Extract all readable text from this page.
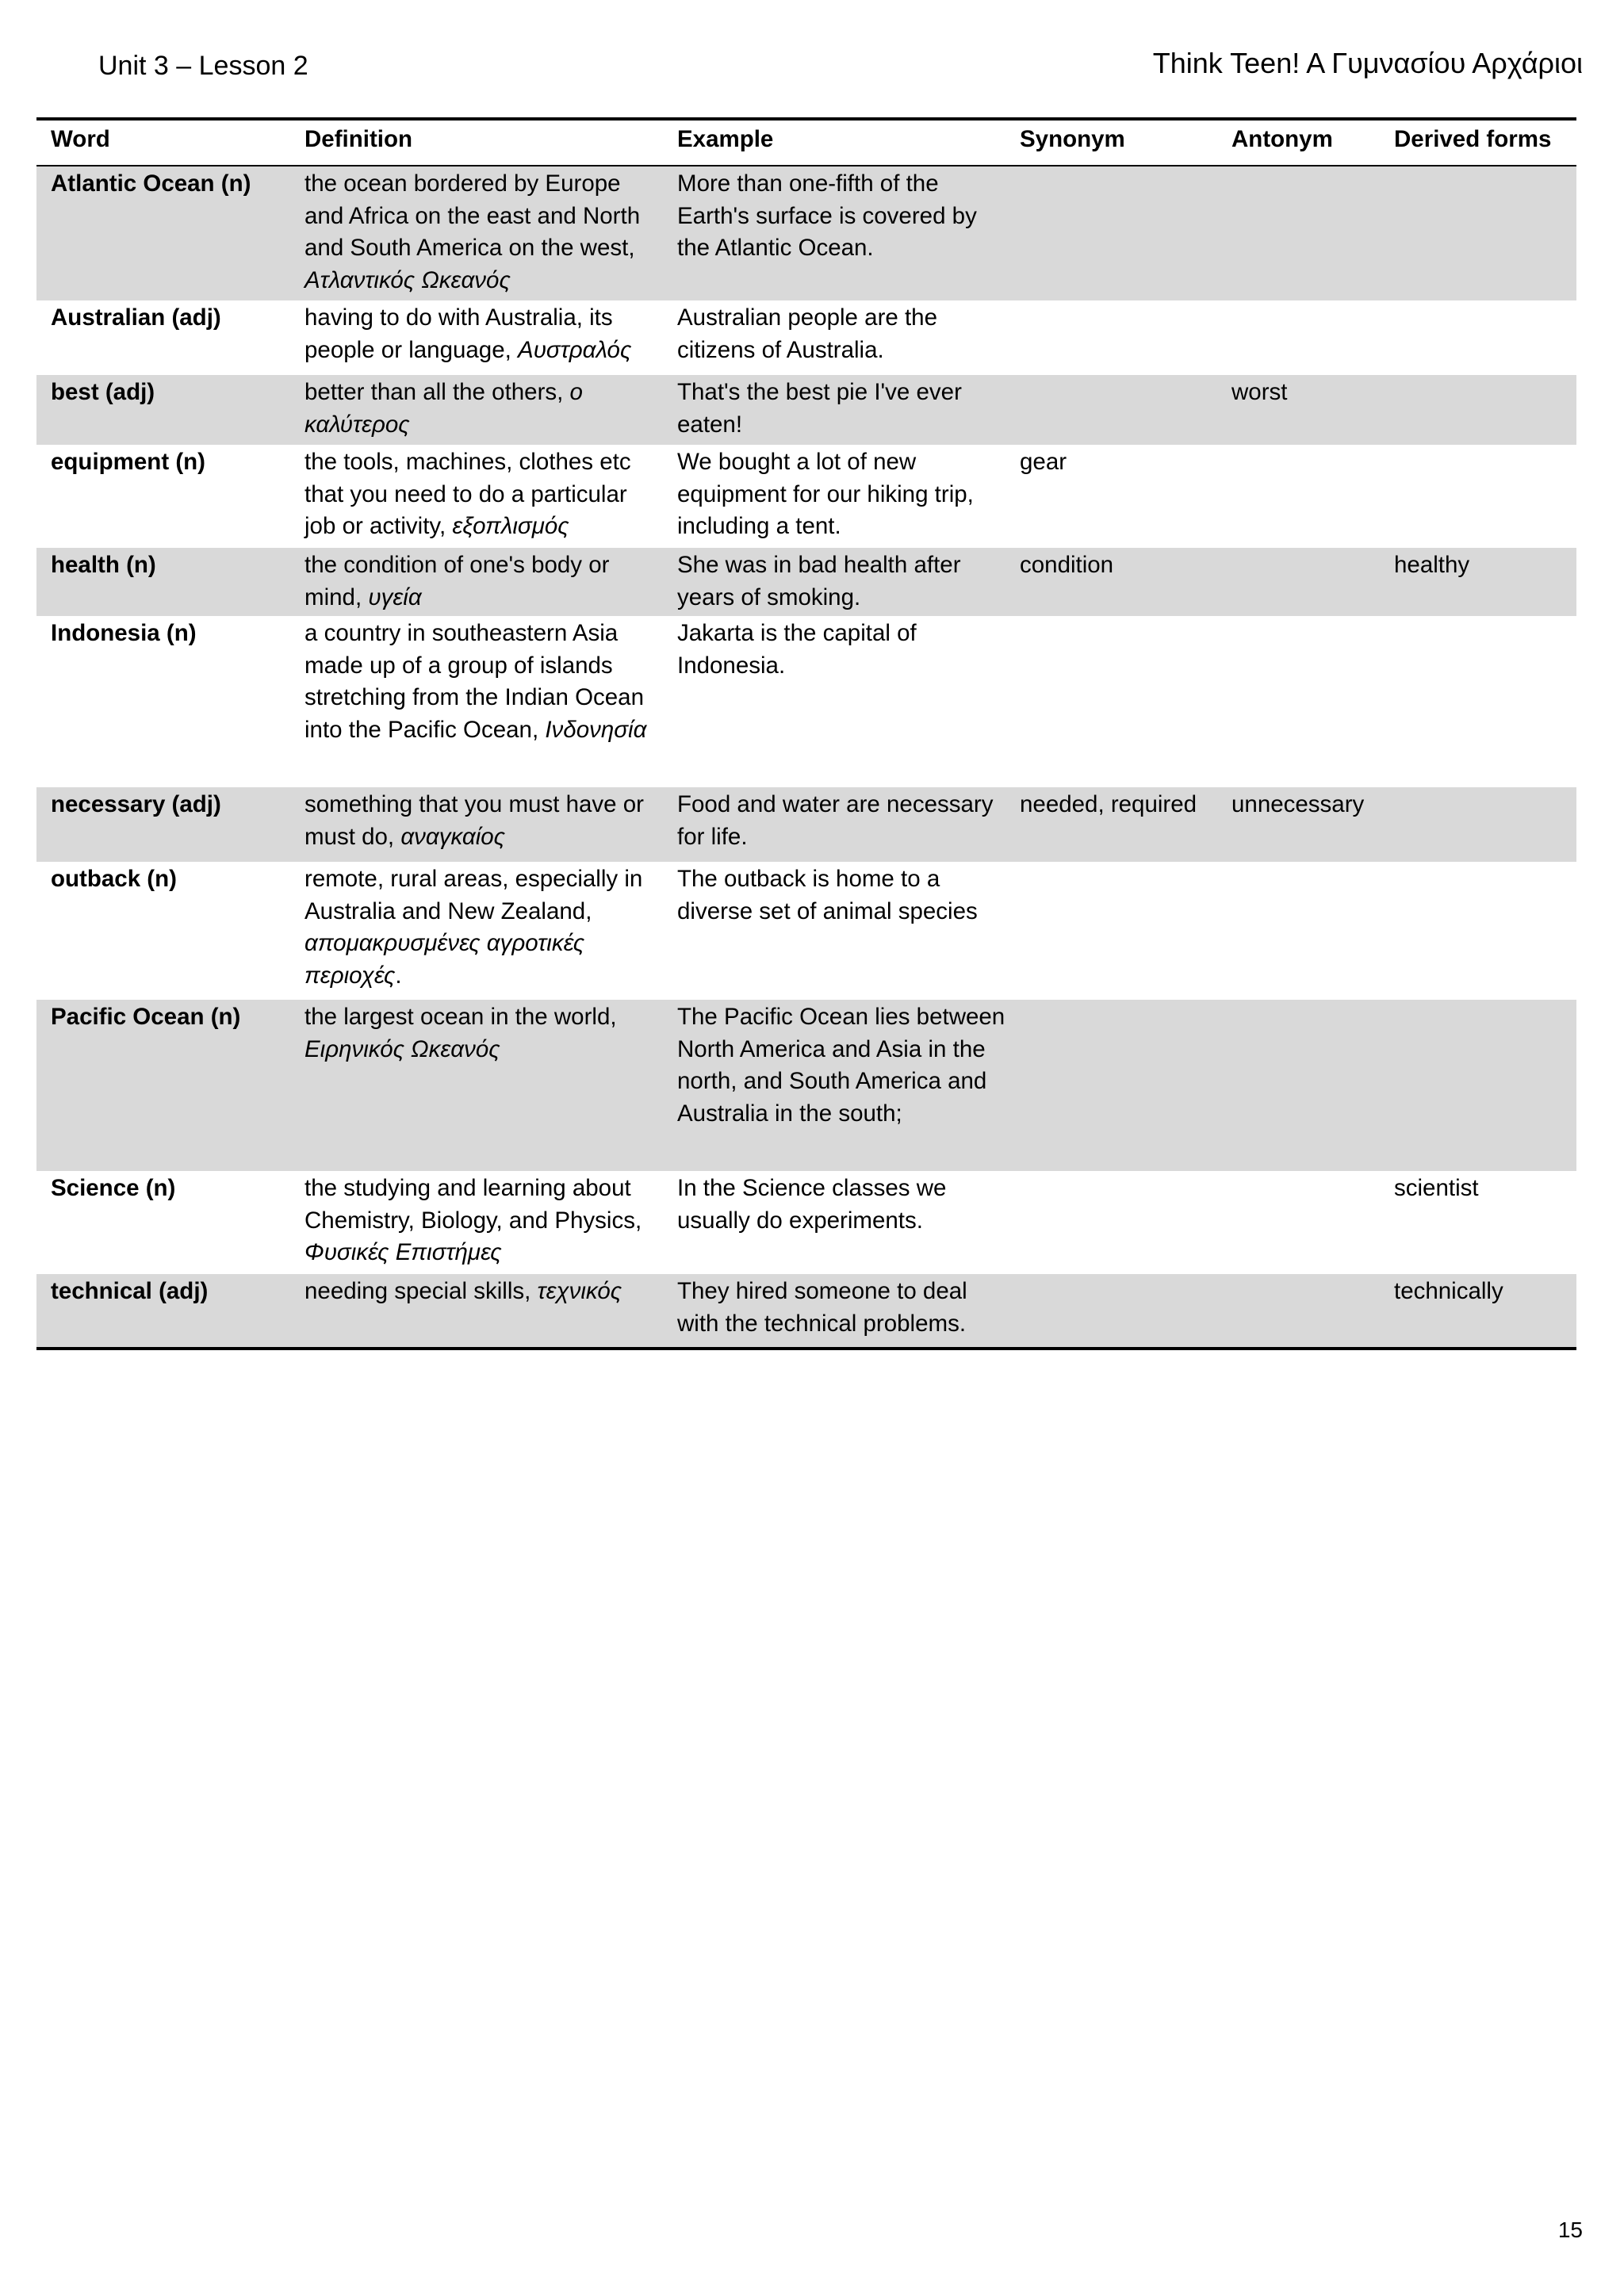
Unit 3 – Lesson 2	Think Teen! A Γυμνασίου Αρχάριοι
Word	Definition	Example	Synonym	Antonym	Derived forms
Atlantic Ocean (n)	the ocean bordered by Europe and Africa on the east and North and South America on the west, Ατλαντικός Ωκεανός	More than one-fifth of the Earth's surface is covered by the Atlantic Ocean.			
Australian (adj)	having to do with Australia, its people or language, Αυστραλός	Australian people are the citizens of Australia.			
best (adj)	better than all the others, ο καλύτερος	That's the best pie I've ever eaten!		worst	
equipment (n)	the tools, machines, clothes etc that you need to do a particular job or activity, εξοπλισμός	We bought a lot of new equipment for our hiking trip, including a tent.	gear		
health (n)	the condition of one's body or mind, υγεία	She was in bad health after years of smoking.	condition		healthy
Indonesia (n)	a country in southeastern Asia made up of a group of islands stretching from the Indian Ocean into the Pacific Ocean, Ινδονησία	Jakarta is the capital of Indonesia.			
necessary (adj)	something that you must have or must do, αναγκαίος	Food and water are necessary for life.	needed, required	unnecessary	
outback (n)	remote, rural areas, especially in Australia and New Zealand, απομακρυσμένες αγροτικές περιοχές.	The outback is home to a diverse set of animal species			
Pacific Ocean (n)	the largest ocean in the world, Ειρηνικός Ωκεανός	The Pacific Ocean lies between North America and Asia in the north, and South America and Australia in the south;			
Science (n)	the studying and learning about Chemistry, Biology, and Physics, Φυσικές Επιστήμες	In the Science classes we usually do experiments.			scientist
technical (adj)	needing special skills, τεχνικός	They hired someone to deal with the technical problems.			technically
15
